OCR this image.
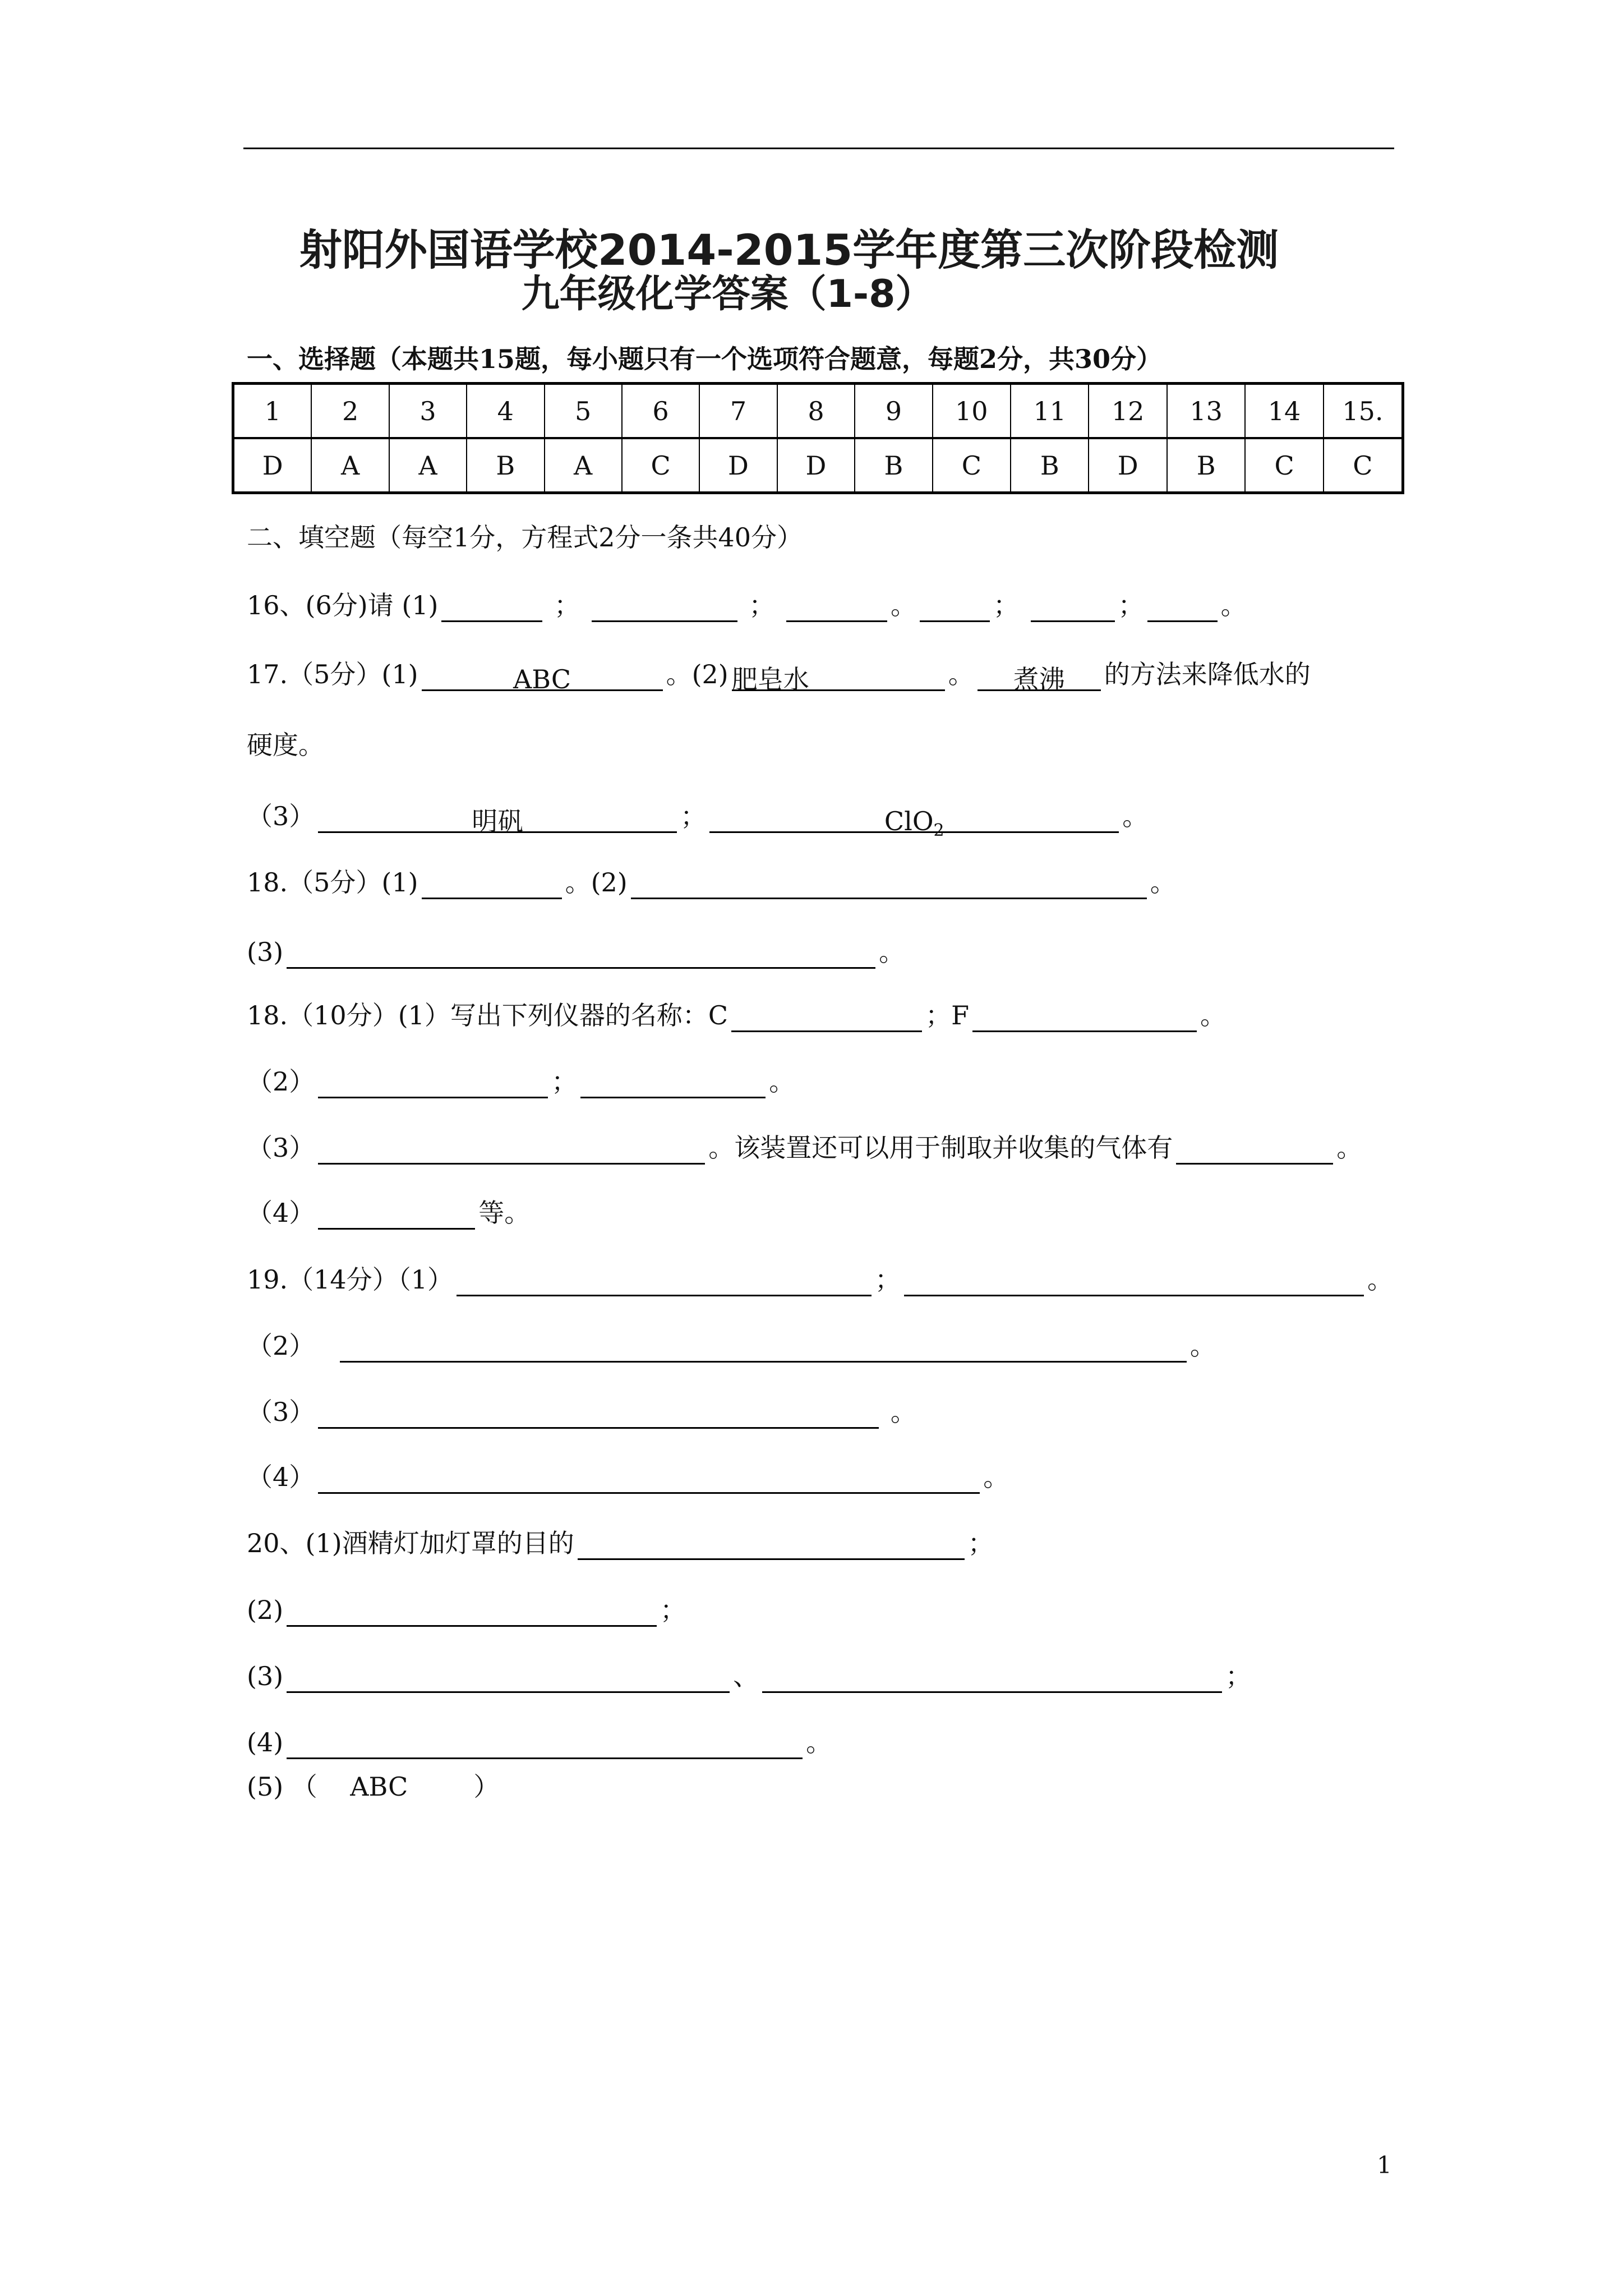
射阳外国语学校2014-2015学年度第三次阶段检测
九年级化学答案（1-8）
一、选择题（本题共15题，每小题只有一个选项符合题意，每题2分，共30分）
1	2	3	4	5	6	7	8	9	10	11	12	13	14	15.
D	A	A	B	A	C	D	D	B	C	B	D	B	C	C
二、填空题（每空1分，方程式2分一条共40分）
16、(6分)请 (1)	；	；	。	；	；	。
17.（5分）(1)	ABC	。(2) 肥皂水	。 煮沸 的方法来降低水的
硬度。
（3）	明矾	；	ClO$_2$	。
18.（5分）(1)	。(2)	。
(3)	。
18.（10分）(1）写出下列仪器的名称：C	；F	。
（2）	；	。
（3）	。该装置还可以用于制取并收集的气体有	。
（4）	等。
19.（14分）（1）	；	。
（2）	。
（3）	。
（4）	。
20、(1)酒精灯加灯罩的目的	；
(2)	；
(3)	、	；
(4)	。
(5) （    ABC        ）
1
